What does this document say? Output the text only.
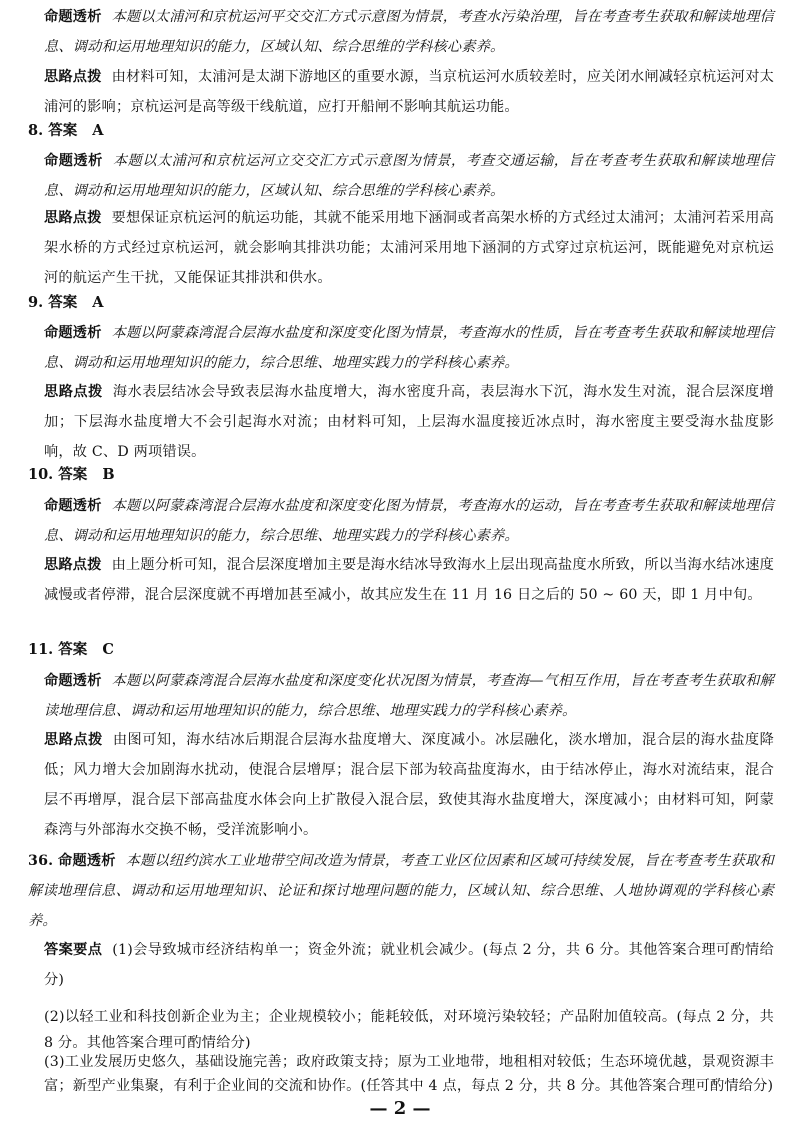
命题透析 本题以太浦河和京杭运河平交交汇方式示意图为情景，考查水污染治理，旨在考查考生获取和解读地理信息、调动和运用地理知识的能力，区域认知、综合思维的学科核心素养。
思路点拨 由材料可知，太浦河是太湖下游地区的重要水源，当京杭运河水质较差时，应关闭水闸减轻京杭运河对太浦河的影响；京杭运河是高等级干线航道，应打开船闸不影响其航运功能。
8. 答案 A
命题透析 本题以太浦河和京杭运河立交交汇方式示意图为情景，考查交通运输，旨在考查考生获取和解读地理信息、调动和运用地理知识的能力，区域认知、综合思维的学科核心素养。
思路点拨 要想保证京杭运河的航运功能，其就不能采用地下涵洞或者高架水桥的方式经过太浦河；太浦河若采用高架水桥的方式经过京杭运河，就会影响其排洪功能；太浦河采用地下涵洞的方式穿过京杭运河，既能避免对京杭运河的航运产生干扰，又能保证其排洪和供水。
9. 答案 A
命题透析 本题以阿蒙森湾混合层海水盐度和深度变化图为情景，考查海水的性质，旨在考查考生获取和解读地理信息、调动和运用地理知识的能力，综合思维、地理实践力的学科核心素养。
思路点拨 海水表层结冰会导致表层海水盐度增大，海水密度升高，表层海水下沉，海水发生对流，混合层深度增加；下层海水盐度增大不会引起海水对流；由材料可知，上层海水温度接近冰点时，海水密度主要受海水盐度影响，故 C、D 两项错误。
10. 答案 B
命题透析 本题以阿蒙森湾混合层海水盐度和深度变化图为情景，考查海水的运动，旨在考查考生获取和解读地理信息、调动和运用地理知识的能力，综合思维、地理实践力的学科核心素养。
思路点拨 由上题分析可知，混合层深度增加主要是海水结冰导致海水上层出现高盐度水所致，所以当海水结冰速度减慢或者停滞，混合层深度就不再增加甚至减小，故其应发生在 11 月 16 日之后的 50 ~ 60 天，即 1 月中旬。
11. 答案 C
命题透析 本题以阿蒙森湾混合层海水盐度和深度变化状况图为情景，考查海—气相互作用，旨在考查考生获取和解读地理信息、调动和运用地理知识的能力，综合思维、地理实践力的学科核心素养。
思路点拨 由图可知，海水结冰后期混合层海水盐度增大、深度减小。冰层融化，淡水增加，混合层的海水盐度降低；风力增大会加剧海水扰动，使混合层增厚；混合层下部为较高盐度海水，由于结冰停止，海水对流结束，混合层不再增厚，混合层下部高盐度水体会向上扩散侵入混合层，致使其海水盐度增大，深度减小；由材料可知，阿蒙森湾与外部海水交换不畅，受洋流影响小。
36. 命题透析 本题以纽约滨水工业地带空间改造为情景，考查工业区位因素和区域可持续发展，旨在考查考生获取和解读地理信息、调动和运用地理知识、论证和探讨地理问题的能力，区域认知、综合思维、人地协调观的学科核心素养。
答案要点 (1)会导致城市经济结构单一；资金外流；就业机会减少。(每点 2 分，共 6 分。其他答案合理可酌情给分)
(2)以轻工业和科技创新企业为主；企业规模较小；能耗较低，对环境污染较轻；产品附加值较高。(每点 2 分，共 8 分。其他答案合理可酌情给分)
(3)工业发展历史悠久，基础设施完善；政府政策支持；原为工业地带，地租相对较低；生态环境优越，景观资源丰富；新型产业集聚，有利于企业间的交流和协作。(任答其中 4 点，每点 2 分，共 8 分。其他答案合理可酌情给分)
— 2 —
